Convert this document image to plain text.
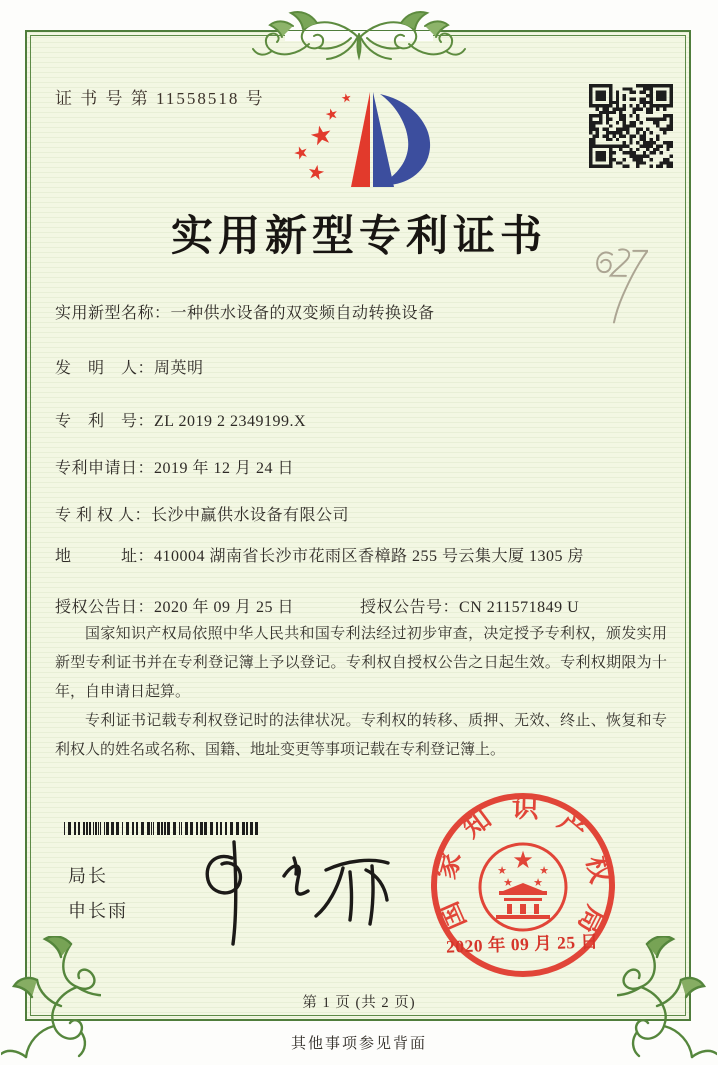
证 书 号 第 11558518 号
★
★
★
★
★
实用新型专利证书
实用新型名称：一种供水设备的双变频自动转换设备
发　明　人：周英明
专　利　号：ZL 2019 2 2349199.X
专利申请日：2019 年 12 月 24 日
专 利 权 人：长沙中赢供水设备有限公司
地　　　址：410004 湖南省长沙市花雨区香樟路 255 号云集大厦 1305 房
授权公告日：2020 年 09 月 25 日	授权公告号：CN 211571849 U

国家知识产权局依照中华人民共和国专利法经过初步审查，决定授予专利权，颁发实用新型专利证书并在专利登记簿上予以登记。专利权自授权公告之日起生效。专利权期限为十年，自申请日起算。

专利证书记载专利权登记时的法律状况。专利权的转移、质押、无效、终止、恢复和专利权人的姓名或名称、国籍、地址变更等事项记载在专利登记簿上。

局长
申长雨	国家知识产权局
★
★	★
★ ★
2020 年 09 月 25 日
第 1 页 (共 2 页)
其他事项参见背面
